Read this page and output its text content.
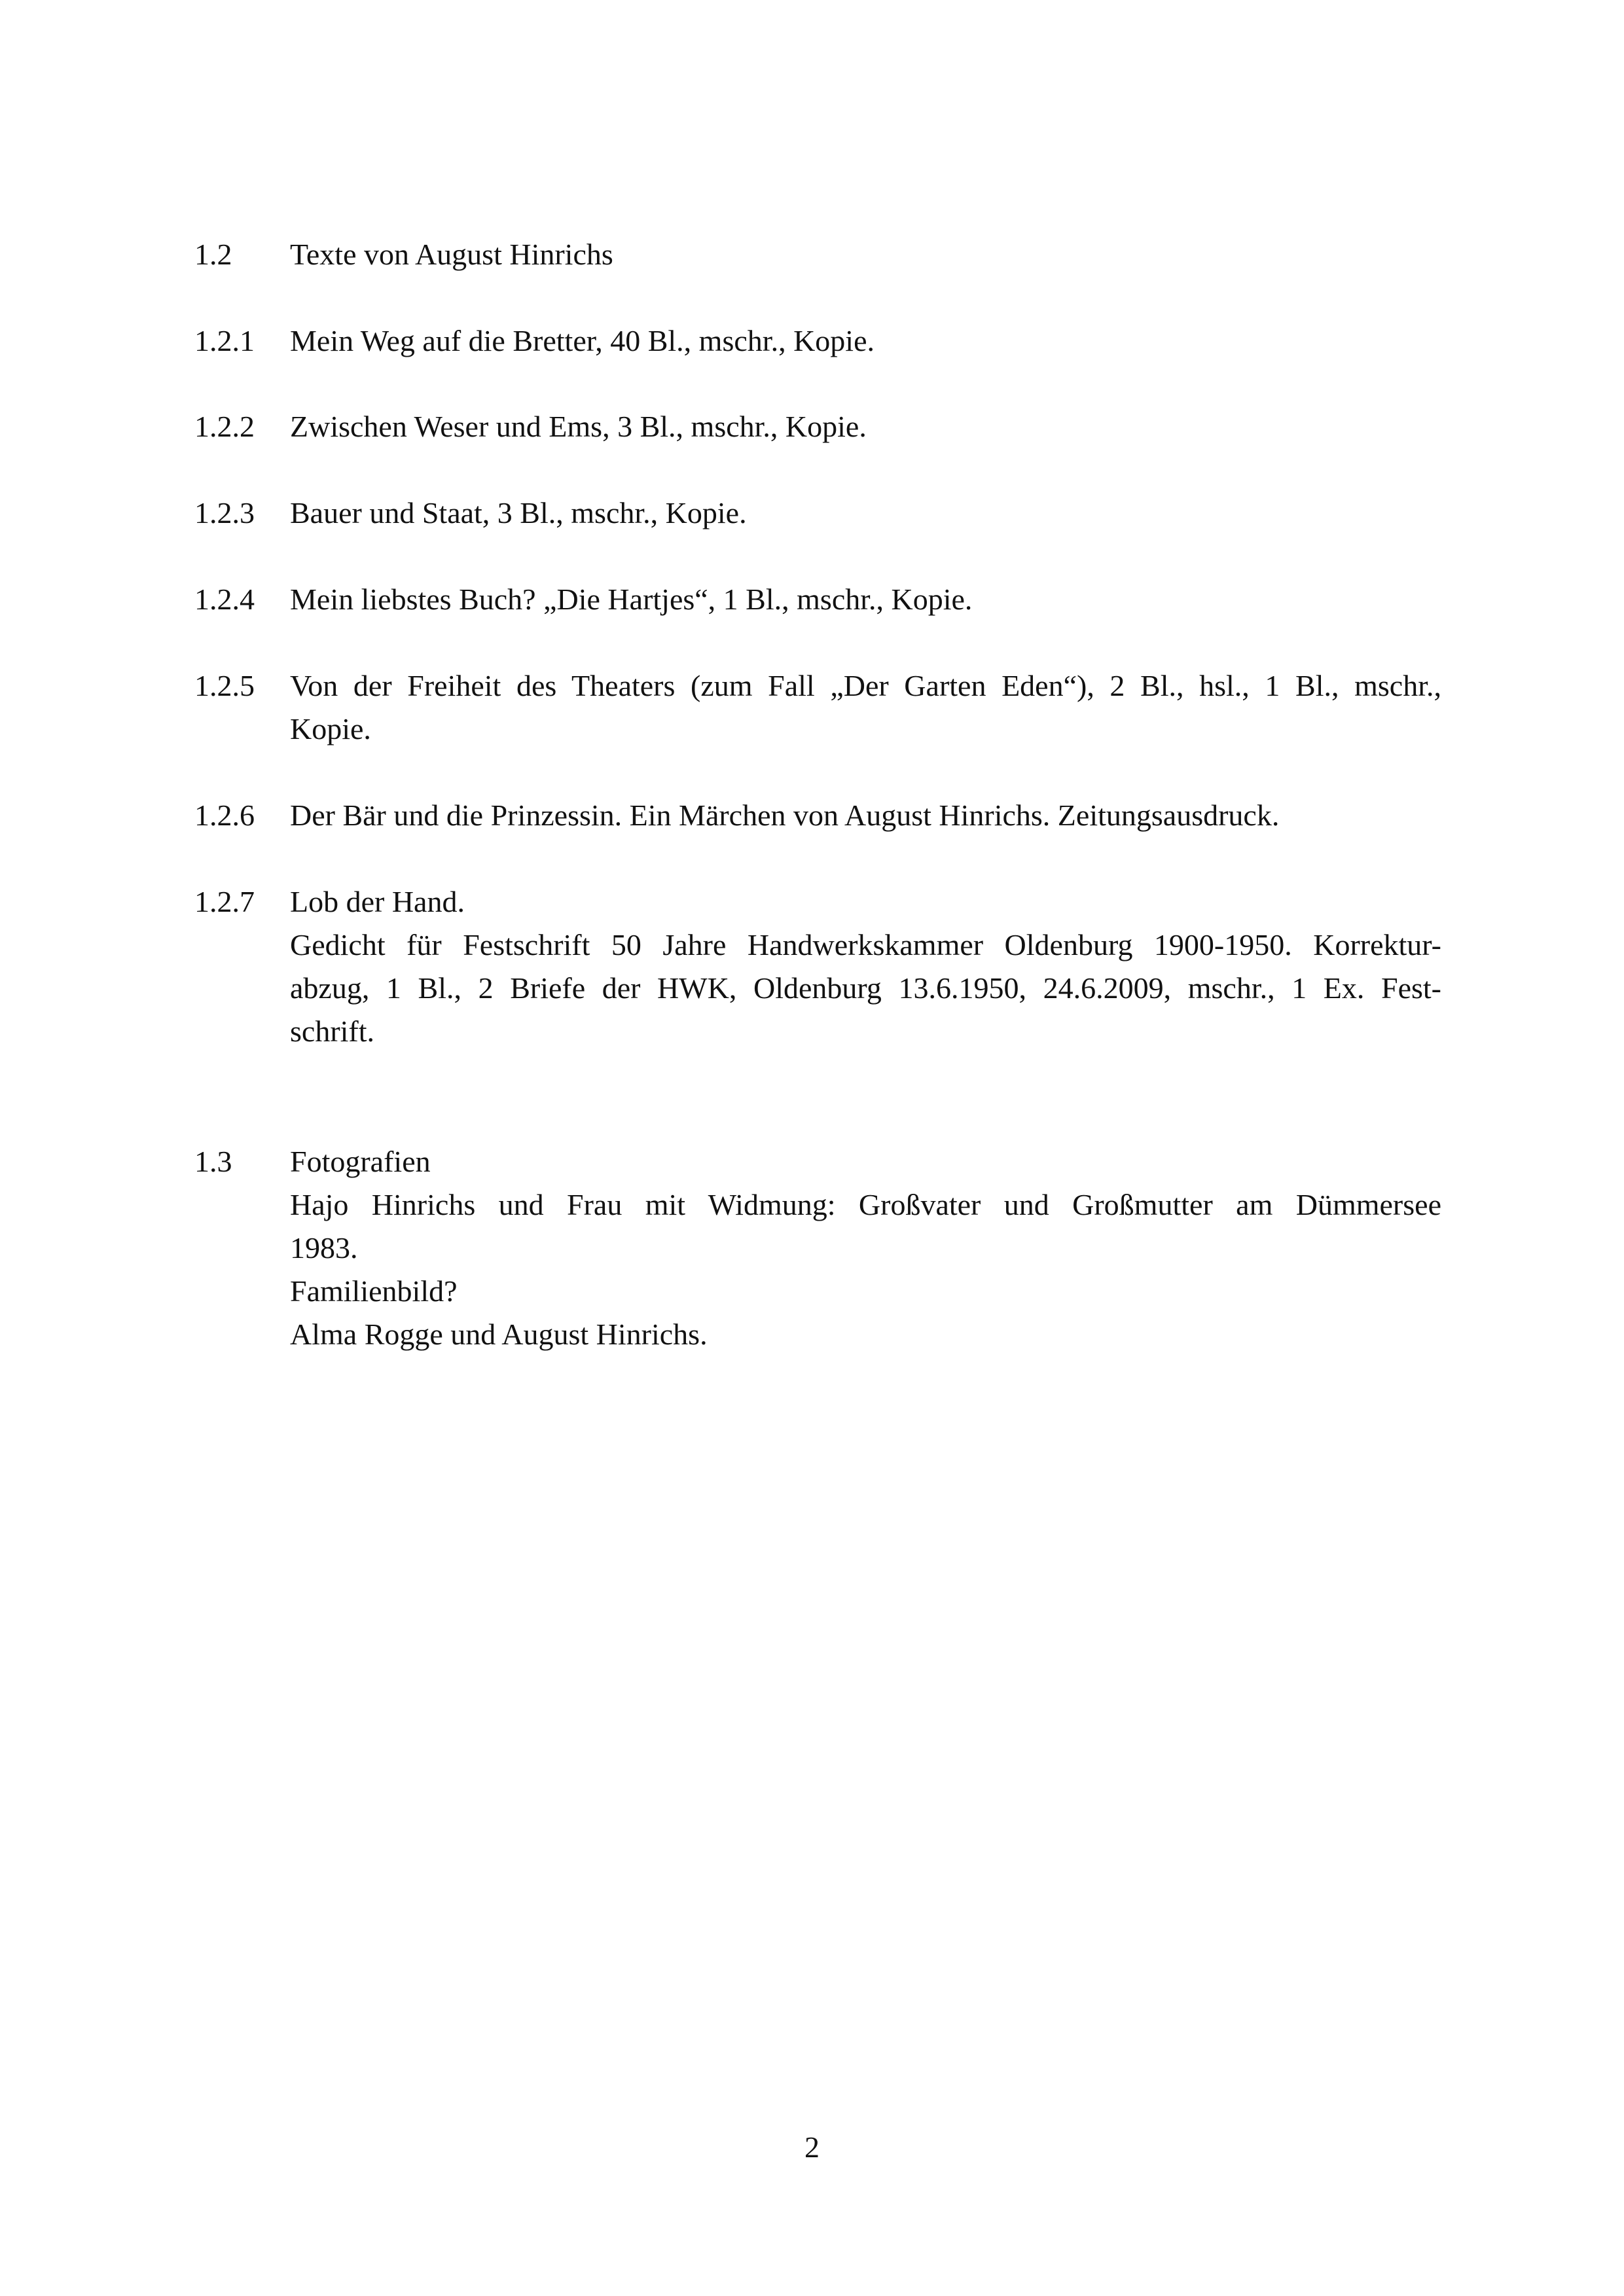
1.2	Texte von August Hinrichs
1.2.1	Mein Weg auf die Bretter, 40 Bl., mschr., Kopie.
1.2.2	Zwischen Weser und Ems, 3 Bl., mschr., Kopie.
1.2.3	Bauer und Staat, 3 Bl., mschr., Kopie.
1.2.4	Mein liebstes Buch? „Die Hartjes“, 1 Bl., mschr., Kopie.
1.2.5	Von der Freiheit des Theaters (zum Fall „Der Garten Eden“), 2 Bl., hsl., 1 Bl., mschr.,
Kopie.
1.2.6	Der Bär und die Prinzessin. Ein Märchen von August Hinrichs. Zeitungsausdruck.
1.2.7	Lob der Hand.
Gedicht für Festschrift 50 Jahre Handwerkskammer Oldenburg 1900-1950. Korrektur-
abzug, 1 Bl., 2 Briefe der HWK, Oldenburg 13.6.1950, 24.6.2009, mschr., 1 Ex. Fest-
schrift.
1.3	Fotografien
Hajo Hinrichs und Frau mit Widmung: Großvater und Großmutter am Dümmersee
1983.
Familienbild?
Alma Rogge und August Hinrichs.
2
